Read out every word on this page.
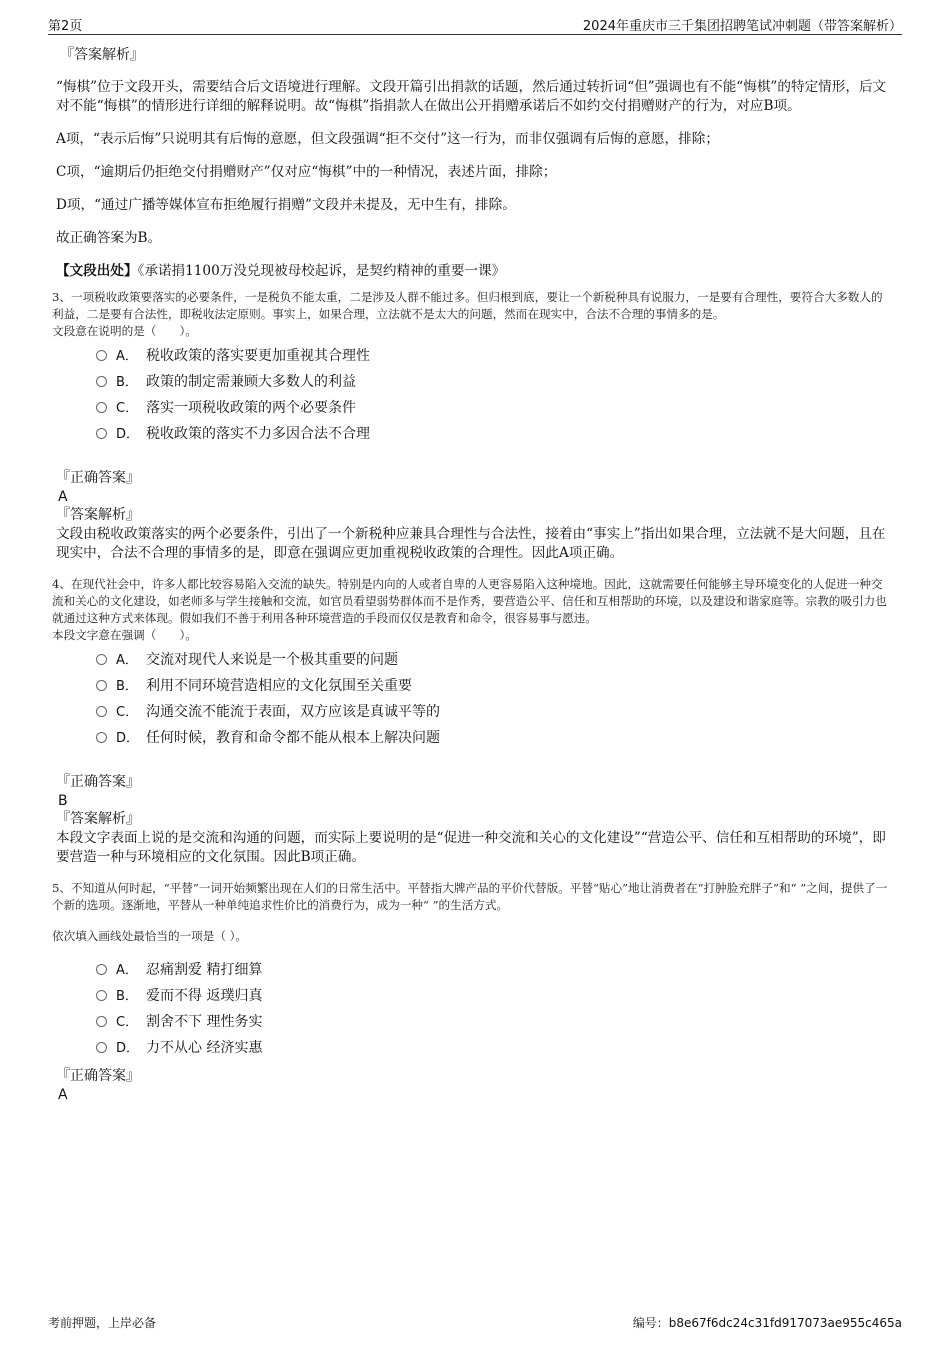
第2页	2024年重庆市三千集团招聘笔试冲刺题（带答案解析）
『答案解析』
“悔棋”位于文段开头，需要结合后文语境进行理解。文段开篇引出捐款的话题，然后通过转折词“但”强调也有不能“悔棋”的特定情形，后文对不能“悔棋”的情形进行详细的解释说明。故“悔棋”指捐款人在做出公开捐赠承诺后不如约交付捐赠财产的行为，对应B项。
A项，“表示后悔”只说明其有后悔的意愿，但文段强调“拒不交付”这一行为，而非仅强调有后悔的意愿，排除；
C项，“逾期后仍拒绝交付捐赠财产”仅对应“悔棋”中的一种情况，表述片面，排除；
D项，“通过广播等媒体宣布拒绝履行捐赠”文段并未提及，无中生有，排除。
故正确答案为B。
【文段出处】《承诺捐1100万没兑现被母校起诉，是契约精神的重要一课》
3、一项税收政策要落实的必要条件，一是税负不能太重，二是涉及人群不能过多。但归根到底，要让一个新税种具有说服力，一是要有合理性，要符合大多数人的利益，二是要有合法性，即税收法定原则。事实上，如果合理，立法就不是太大的问题，然而在现实中，合法不合理的事情多的是。
文段意在说明的是（　　）。
A． 税收政策的落实要更加重视其合理性
B． 政策的制定需兼顾大多数人的利益
C． 落实一项税收政策的两个必要条件
D． 税收政策的落实不力多因合法不合理
『正确答案』
A
『答案解析』
文段由税收政策落实的两个必要条件，引出了一个新税种应兼具合理性与合法性，接着由“事实上”指出如果合理，立法就不是大问题，且在现实中，合法不合理的事情多的是，即意在强调应更加重视税收政策的合理性。因此A项正确。
4、在现代社会中，许多人都比较容易陷入交流的缺失。特别是内向的人或者自卑的人更容易陷入这种境地。因此，这就需要任何能够主导环境变化的人促进一种交流和关心的文化建设，如老师多与学生接触和交流，如官员看望弱势群体而不是作秀，要营造公平、信任和互相帮助的环境，以及建设和谐家庭等。宗教的吸引力也就通过这种方式来体现。假如我们不善于利用各种环境营造的手段而仅仅是教育和命令，很容易事与愿违。
本段文字意在强调（　　）。
A． 交流对现代人来说是一个极其重要的问题
B． 利用不同环境营造相应的文化氛围至关重要
C． 沟通交流不能流于表面，双方应该是真诚平等的
D． 任何时候，教育和命令都不能从根本上解决问题
『正确答案』
B
『答案解析』
本段文字表面上说的是交流和沟通的问题，而实际上要说明的是“促进一种交流和关心的文化建设”“营造公平、信任和互相帮助的环境”，即要营造一种与环境相应的文化氛围。因此B项正确。
5、不知道从何时起，“平替”一词开始频繁出现在人们的日常生活中。平替指大牌产品的平价代替版。平替“贴心”地让消费者在“打肿脸充胖子”和“ ”之间，提供了一个新的选项。逐渐地，平替从一种单纯追求性价比的消费行为，成为一种“ ”的生活方式。
依次填入画线处最恰当的一项是（ ）。
A． 忍痛割爱 精打细算
B． 爱而不得 返璞归真
C． 割舍不下 理性务实
D． 力不从心 经济实惠
『正确答案』
A
考前押题，上岸必备	编号：b8e67f6dc24c31fd917073ae955c465a
